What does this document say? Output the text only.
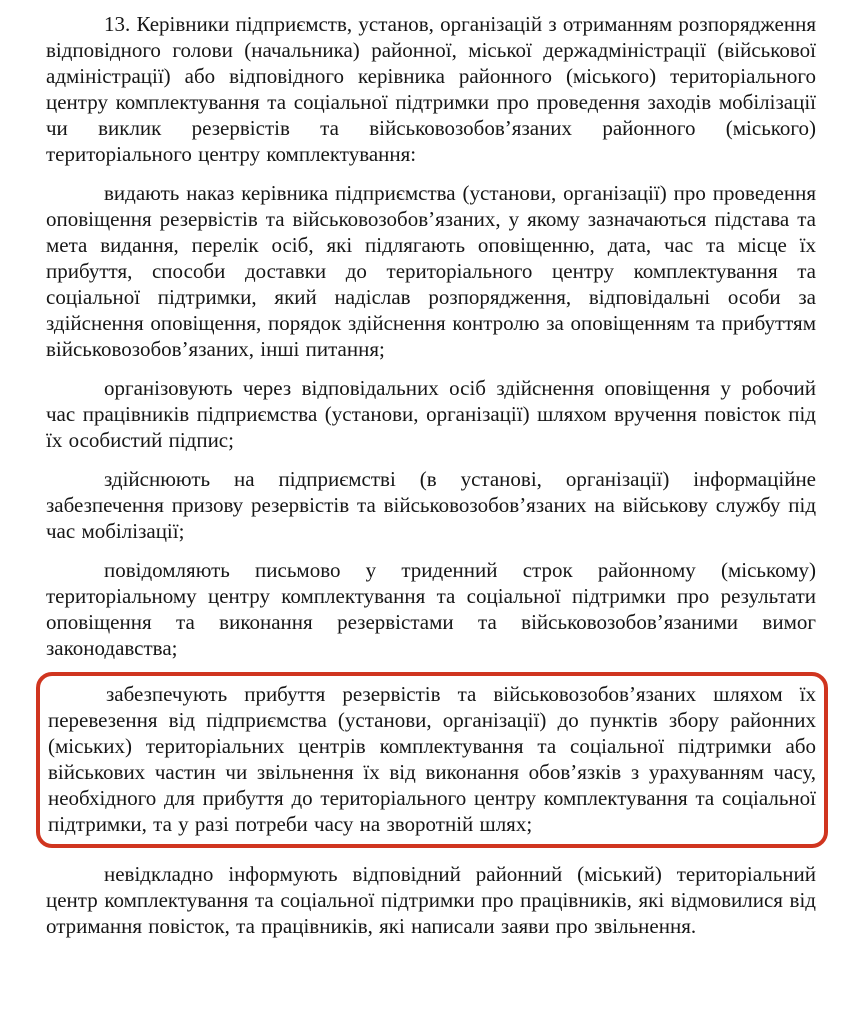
13. Керівники підприємств, установ, організацій з отриманням розпорядження відповідного голови (начальника) районної, міської держадміністрації (військової адміністрації) або відповідного керівника районного (міського) територіального центру комплектування та соціальної підтримки про проведення заходів мобілізації чи виклик резервістів та військовозобов’язаних районного (міського) територіального центру комплектування:

видають наказ керівника підприємства (установи, організації) про проведення оповіщення резервістів та військовозобов’язаних, у якому зазначаються підстава та мета видання, перелік осіб, які підлягають оповіщенню, дата, час та місце їх прибуття, способи доставки до територіального центру комплектування та соціальної підтримки, який надіслав розпорядження, відповідальні особи за здійснення оповіщення, порядок здійснення контролю за оповіщенням та прибуттям військовозобов’язаних, інші питання;

організовують через відповідальних осіб здійснення оповіщення у робочий час працівників підприємства (установи, організації) шляхом вручення повісток під їх особистий підпис;

здійснюють на підприємстві (в установі, організації) інформаційне забезпечення призову резервістів та військовозобов’язаних на військову службу під час мобілізації;

повідомляють письмово у триденний строк районному (міському) територіальному центру комплектування та соціальної підтримки про результати оповіщення та виконання резервістами та військовозобов’язаними вимог законодавства;

забезпечують прибуття резервістів та військовозобов’язаних шляхом їх перевезення від підприємства (установи, організації) до пунктів збору районних (міських) територіальних центрів комплектування та соціальної підтримки або військових частин чи звільнення їх від виконання обов’язків з урахуванням часу, необхідного для прибуття до територіального центру комплектування та соціальної підтримки, та у разі потреби часу на зворотній шлях;

невідкладно інформують відповідний районний (міський) територіальний центр комплектування та соціальної підтримки про працівників, які відмовилися від отримання повісток, та працівників, які написали заяви про звільнення.
